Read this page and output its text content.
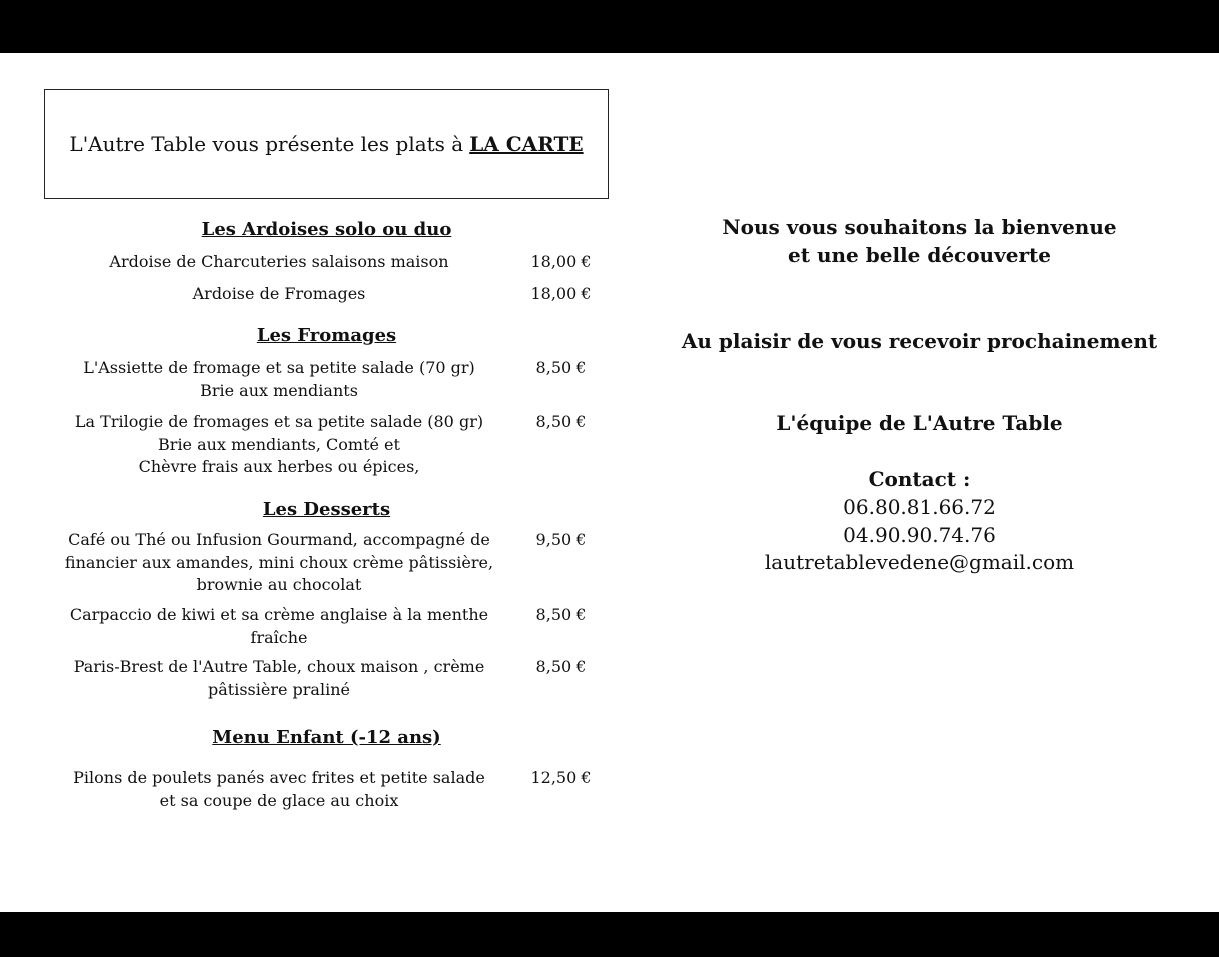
L'Autre Table vous présente les plats à LA CARTE
Les Ardoises solo ou duo
Ardoise de Charcuteries salaisons maison	18,00 €
Ardoise de Fromages	18,00 €
Les Fromages
L'Assiette de fromage et sa petite salade (70 gr)
Brie aux mendiants
8,50 €
La Trilogie de fromages et sa petite salade (80 gr)
Brie aux mendiants, Comté et
Chèvre frais aux herbes ou épices,
8,50 €
Les Desserts
Café ou Thé ou Infusion Gourmand, accompagné de
financier aux amandes, mini choux crème pâtissière,
brownie au chocolat
9,50 €
Carpaccio de kiwi et sa crème anglaise à la menthe
fraîche
8,50 €
Paris-Brest de l'Autre Table, choux maison , crème
pâtissière praliné
8,50 €
Menu Enfant (-12 ans)
Pilons de poulets panés avec frites et petite salade
et sa coupe de glace au choix
12,50 €
Nous vous souhaitons la bienvenue
et une belle découverte
Au plaisir de vous recevoir prochainement
L'équipe de L'Autre Table
Contact :
06.80.81.66.72
04.90.90.74.76
lautretablevedene@gmail.com
